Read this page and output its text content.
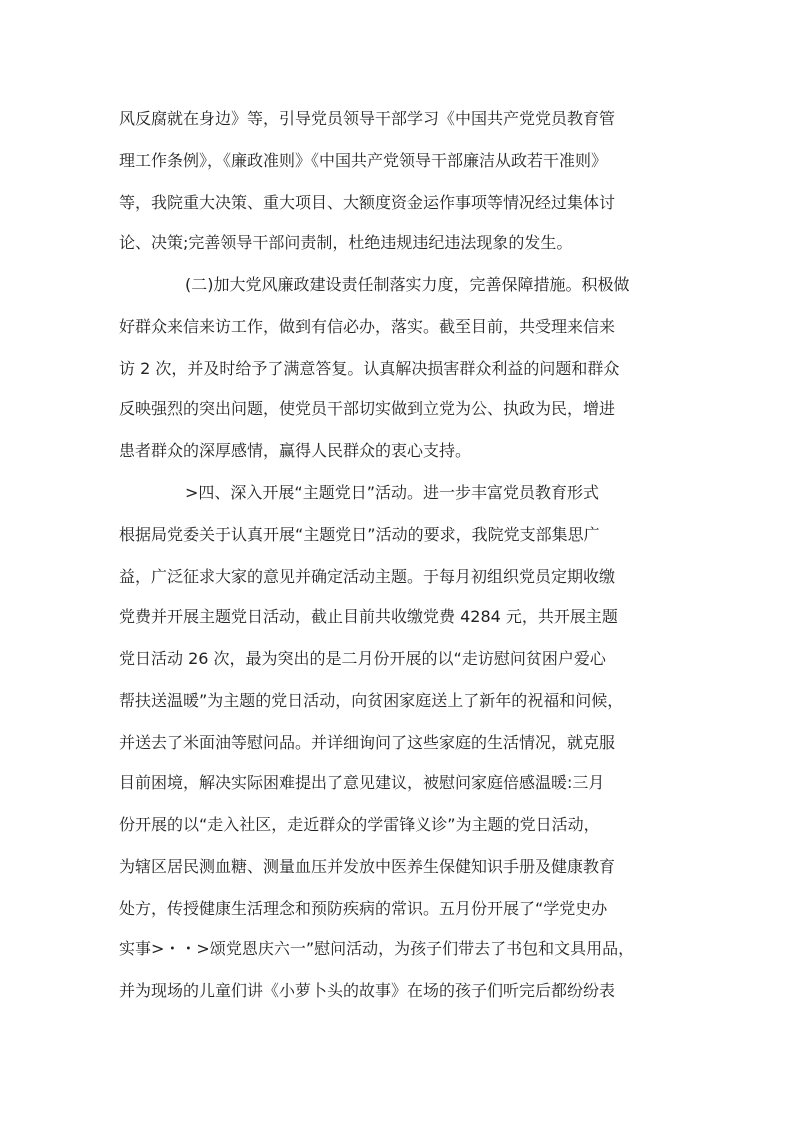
风反腐就在身边》等，引导党员领导干部学习《中国共产党党员教育管
理工作条例》，《廉政准则》《中国共产党领导干部廉洁从政若干准则》
等，我院重大决策、重大项目、大额度资金运作事项等情况经过集体讨
论、决策;完善领导干部问责制，杜绝违规违纪违法现象的发生。
(二)加大党风廉政建设责任制落实力度，完善保障措施。积极做
好群众来信来访工作，做到有信必办，落实。截至目前，共受理来信来
访 2 次，并及时给予了满意答复。认真解决损害群众利益的问题和群众
反映强烈的突出问题，使党员干部切实做到立党为公、执政为民，增进
患者群众的深厚感情，赢得人民群众的衷心支持。
>四、深入开展“主题党日”活动。进一步丰富党员教育形式
根据局党委关于认真开展“主题党日”活动的要求，我院党支部集思广
益，广泛征求大家的意见并确定活动主题。于每月初组织党员定期收缴
党费并开展主题党日活动，截止目前共收缴党费 4284 元，共开展主题
党日活动 26 次，最为突出的是二月份开展的以“走访慰问贫困户爱心
帮扶送温暖”为主题的党日活动，向贫困家庭送上了新年的祝福和问候，
并送去了米面油等慰问品。并详细询问了这些家庭的生活情况，就克服
目前困境，解决实际困难提出了意见建议，被慰问家庭倍感温暖:三月
份开展的以“走入社区，走近群众的学雷锋义诊”为主题的党日活动，
为辖区居民测血糖、测量血压并发放中医养生保健知识手册及健康教育
处方，传授健康生活理念和预防疾病的常识。五月份开展了“学党史办
实事>・・>颂党恩庆六一”慰问活动，为孩子们带去了书包和文具用品，
并为现场的儿童们讲《小萝卜头的故事》在场的孩子们听完后都纷纷表
